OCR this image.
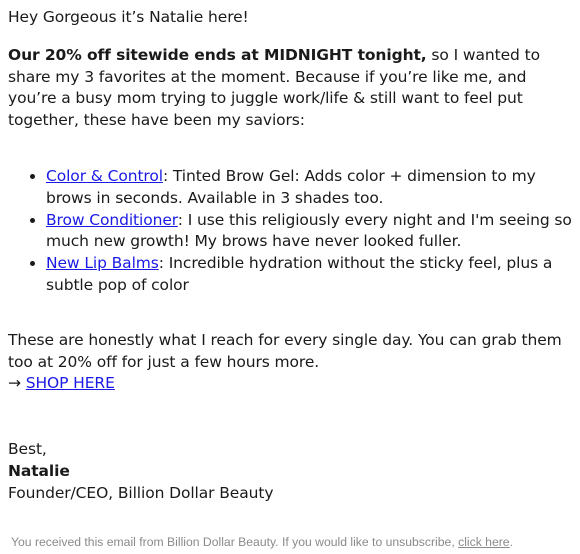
Hey Gorgeous it’s Natalie here!

Our 20% off sitewide ends at MIDNIGHT tonight, so I wanted to share my 3 favorites at the moment. Because if you’re like me, and you’re a busy mom trying to juggle work/life & still want to feel put together, these have been my saviors:

• Color & Control: Tinted Brow Gel: Adds color + dimension to my brows in seconds. Available in 3 shades too.
• Brow Conditioner: I use this religiously every night and I'm seeing so much new growth! My brows have never looked fuller.
• New Lip Balms: Incredible hydration without the sticky feel, plus a subtle pop of color

These are honestly what I reach for every single day. You can grab them too at 20% off for just a few hours more.
→ SHOP HERE

Best,
Natalie
Founder/CEO, Billion Dollar Beauty

You received this email from Billion Dollar Beauty. If you would like to unsubscribe, click here.
